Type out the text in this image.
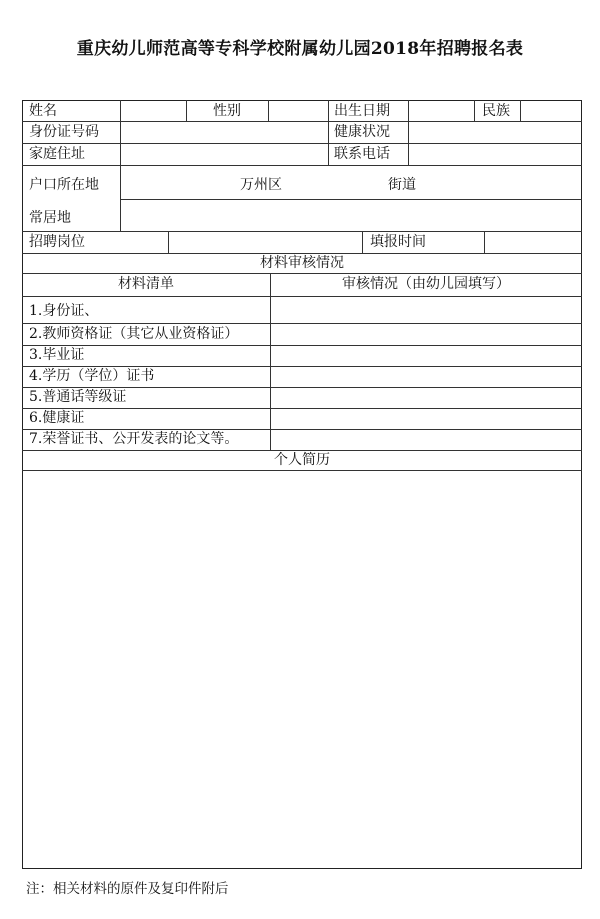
重庆幼儿师范高等专科学校附属幼儿园2018年招聘报名表
姓名	性别	出生日期	民族
身份证号码	健康状况
家庭住址	联系电话
户口所在地	万州区	街道
常居地
招聘岗位	填报时间
材料审核情况
材料清单	审核情况（由幼儿园填写）
1.身份证、
2.教师资格证（其它从业资格证）
3.毕业证
4.学历（学位）证书
5.普通话等级证
6.健康证
7.荣誉证书、公开发表的论文等。
个人简历
注：相关材料的原件及复印件附后
